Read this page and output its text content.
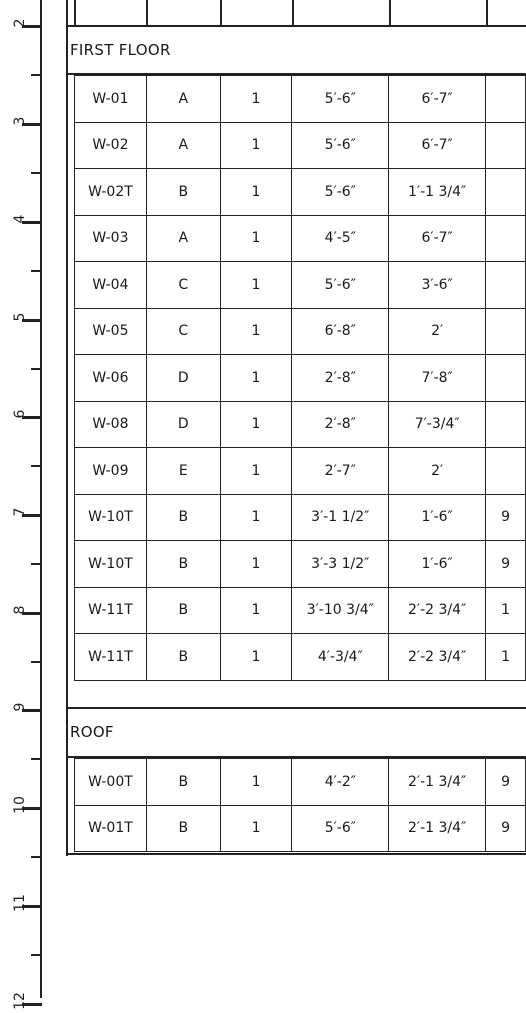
2
3
4
5
6
7
8
9
10
11
12
FIRST FLOOR
W-01	A	1	5′-6″	6′-7″	
W-02	A	1	5′-6″	6′-7″	
W-02T	B	1	5′-6″	1′-1 3/4″	
W-03	A	1	4′-5″	6′-7″	
W-04	C	1	5′-6″	3′-6″	
W-05	C	1	6′-8″	2′	
W-06	D	1	2′-8″	7′-8″	
W-08	D	1	2′-8″	7′-3/4″	
W-09	E	1	2′-7″	2′	
W-10T	B	1	3′-1 1/2″	1′-6″	9
W-10T	B	1	3′-3 1/2″	1′-6″	9
W-11T	B	1	3′-10 3/4″	2′-2 3/4″	1
W-11T	B	1	4′-3/4″	2′-2 3/4″	1
ROOF
W-00T	B	1	4′-2″	2′-1 3/4″	9
W-01T	B	1	5′-6″	2′-1 3/4″	9
